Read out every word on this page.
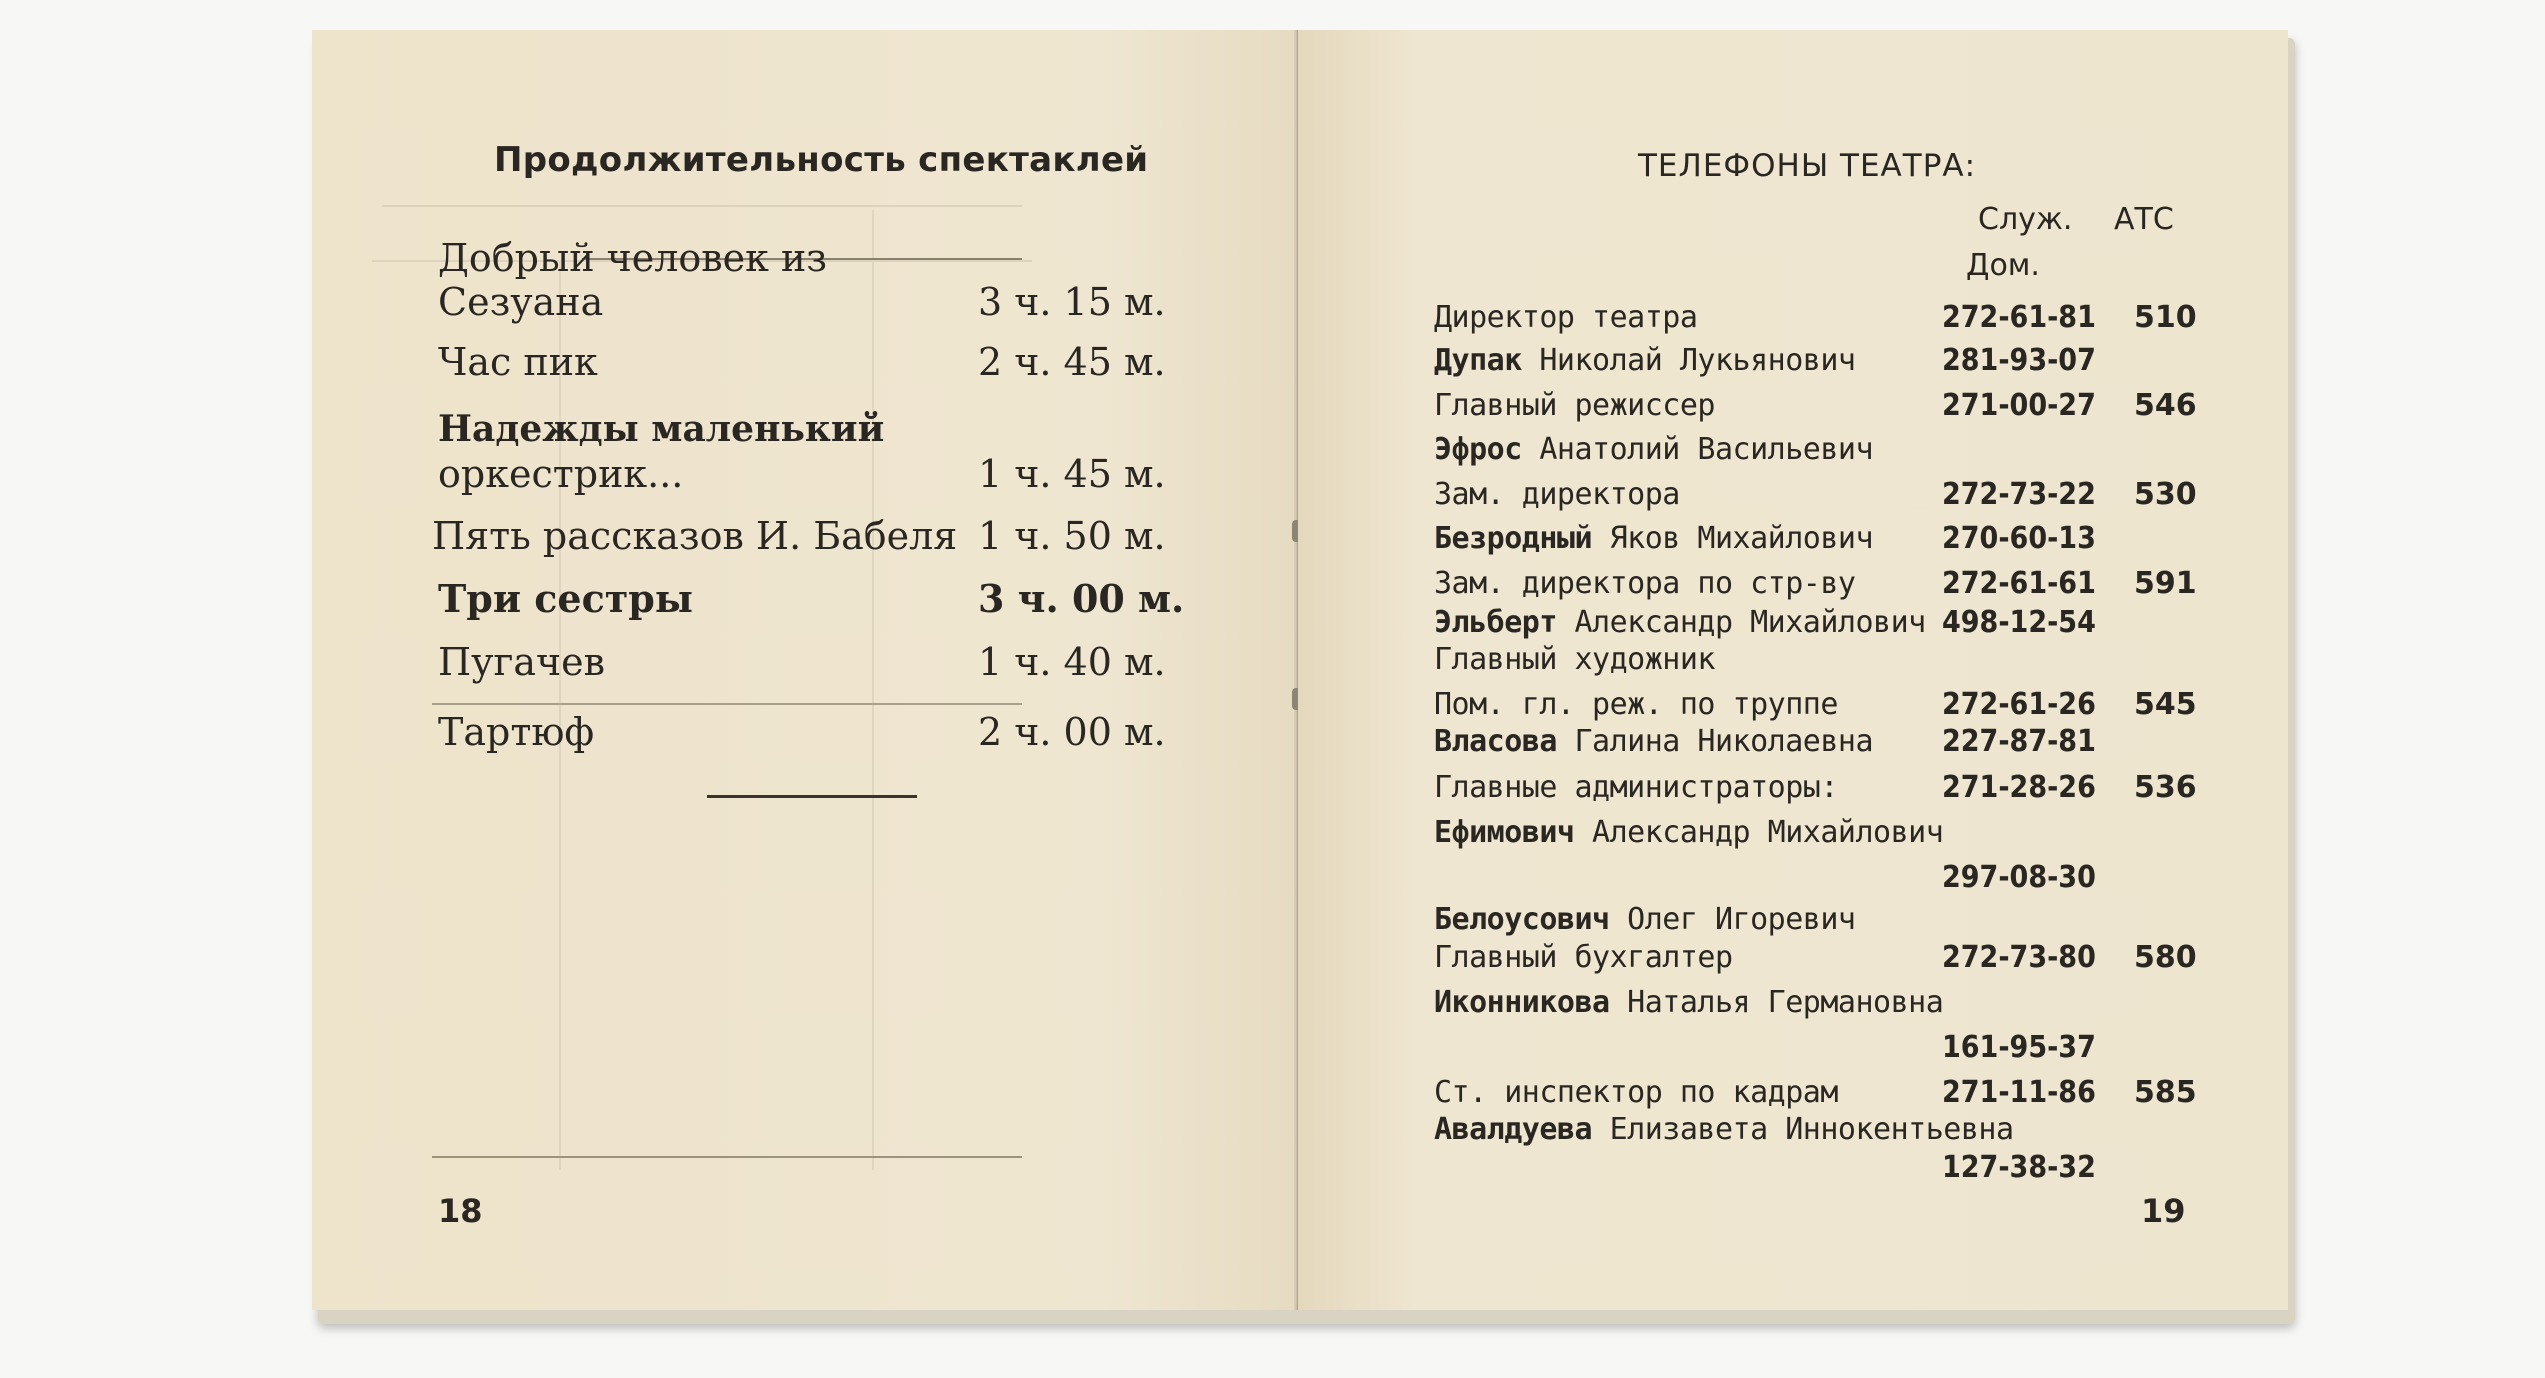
Продолжительность спектаклей
Добрый человек из
Сезуана	3 ч. 15 м.
Час пик	2 ч. 45 м.
Надежды маленький
оркестрик...	1 ч. 45 м.
Пять рассказов И. Бабеля 1 ч. 50 м.
Три сестры	3 ч. 00 м.
Пугачев	1 ч. 40 м.
Тартюф	2 ч. 00 м.
18
ТЕЛЕФОНЫ ТЕАТРА:
Служ. АТС
Дом.
Директор театра	272-61-81 510
Дупак Николай Лукьянович	281-93-07
Главный режиссер	271-00-27 546
Эфрос Анатолий Васильевич
Зам. директора	272-73-22 530
Безродный Яков Михайлович 270-60-13
Зам. директора по стр-ву	272-61-61 591
Эльберт Александр Михайлович 498-12-54
Главный художник
Пом. гл. реж. по труппе	272-61-26 545
Власова Галина Николаевна 227-87-81
Главные администраторы:	271-28-26 536
Ефимович Александр Михайлович
297-08-30
Белоусович Олег Игоревич
Главный бухгалтер	272-73-80 580
Иконникова Наталья Германовна
161-95-37
Ст. инспектор по кадрам	271-11-86 585
Авалдуева Елизавета Иннокентьевна
127-38-32
19
